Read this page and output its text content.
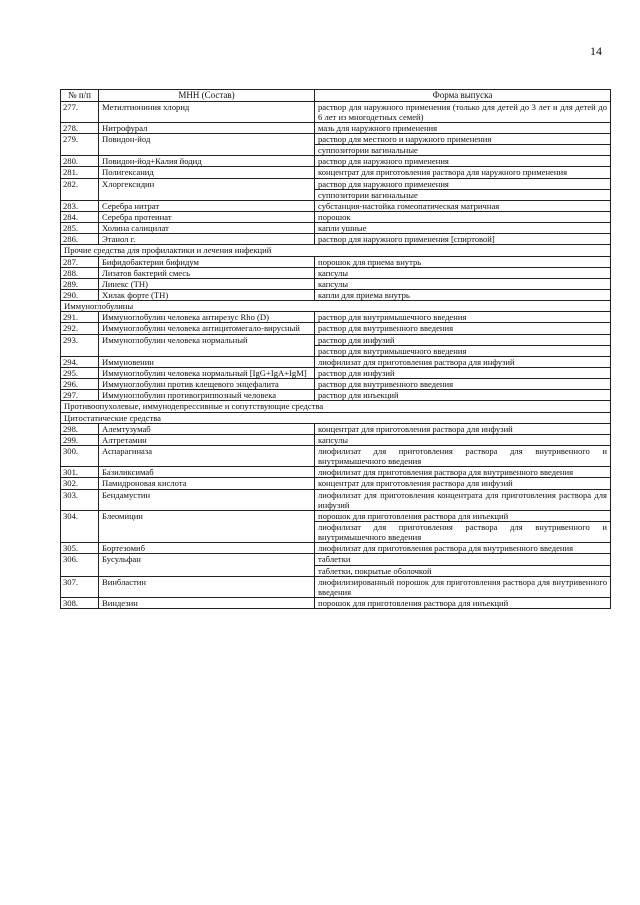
14
№ п/п	МНН (Состав)	Форма выпуска
277.	Метилтиониния хлорид	раствор для наружного применения (только для детей до 3 лет и для детей до 6 лет из многодетных семей)

278.	Нитрофурал	мазь для наружного применения

279.	Повидон-йод	раствор для местного и наружного применения
суппозитории вагинальные

280.	Повидон-йод+Калия йодид	раствор для наружного применения

281.	Полигексанид	концентрат для приготовления раствора для наружного применения

282.	Хлоргексидин	раствор для наружного применения
суппозитории вагинальные

283.	Серебра нитрат	субстанция-настойка гомеопатическая матричная

284.	Серебра протеинат	порошок

285.	Холина салицилат	капли ушные

286.	Этанол г.	раствор для наружного применения [спиртовой]

Прочие средства для профилактики и лечения инфекций		
287.	Бифидобактерии бифидум	порошок для приема внутрь

288.	Лизатов бактерий смесь	капсулы

289.	Линекс (ТН)	капсулы

290.	Хилак форте (ТН)	капли для приема внутрь

Иммуноглобулины		
291.	Иммуноглобулин человека антирезус Rho (D)	раствор для внутримышечного введения

292.	Иммуноглобулин человека антицитомегало-вирусный	раствор для внутривенного введения

293.	Иммуноглобулин человека нормальный	раствор для инфузий
раствор для внутримышечного введения

294.	Иммуновенин	лиофилизат для приготовления раствора для инфузий

295.	Иммуноглобулин человека нормальный [IgG+IgA+IgM]	раствор для инфузий

296.	Иммуноглобулин против клещевого энцефалита	раствор для внутривенного введения

297.	Иммуноглобулин противогриппозный человека	раствор для инъекций

Противоопухолевые, иммунодепрессивные и сопутствующие средства		
Цитостатические средства		
298.	Алемтузумаб	концентрат для приготовления раствора для инфузий

299.	Алтретамин	капсулы

300.	Аспарагиназа	лиофилизат для приготовления раствора для внутривенного и внутримышечного введения

301.	Базиликсимаб	лиофилизат для приготовления раствора для внутривенного введения

302.	Памидроновая кислота	концентрат для приготовления раствора для инфузий

303.	Бендамустин	лиофилизат для приготовления концентрата для приготовления раствора для инфузий

304.	Блеомицин	порошок для приготовления раствора для инъекций
лиофилизат для приготовления раствора для внутривенного и внутримышечного введения

305.	Бортезомиб	лиофилизат для приготовления раствора для внутривенного введения

306.	Бусульфан	таблетки
таблетки, покрытые оболочкой

307.	Винбластин	лиофилизированный порошок для приготовления раствора для внутривенного введения

308.	Виндезин	порошок для приготовления раствора для инъекций
